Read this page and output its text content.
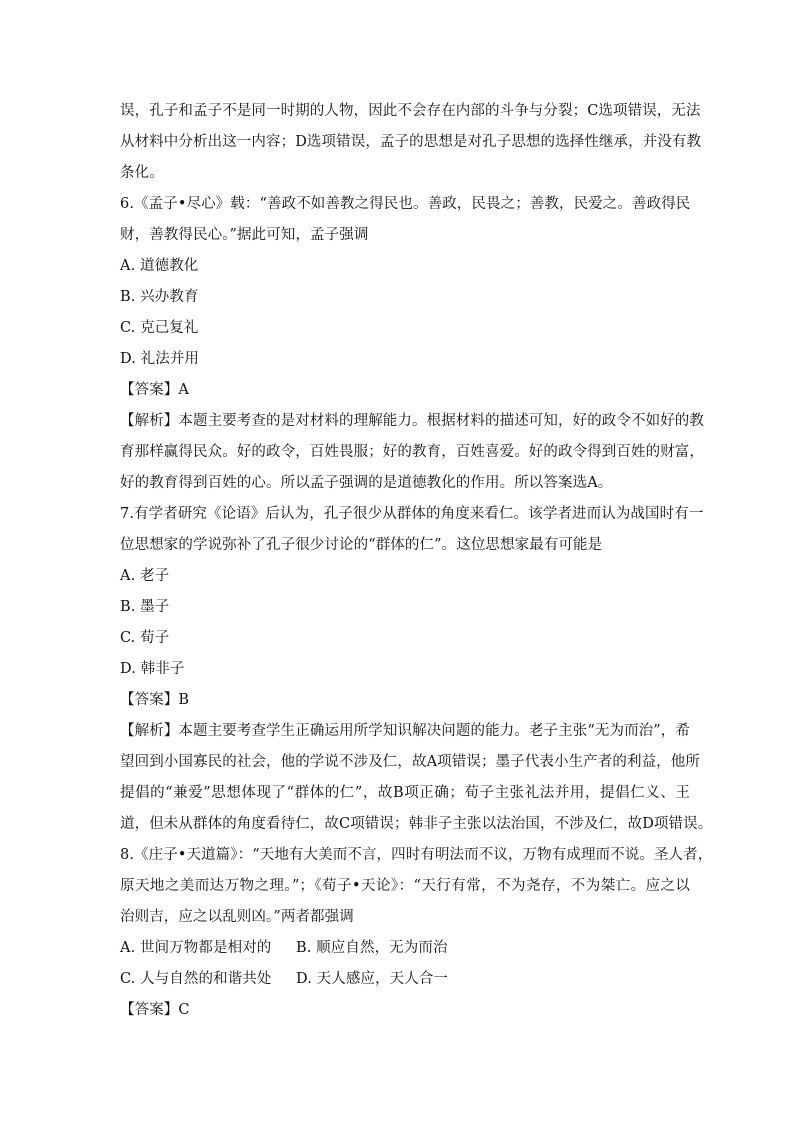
误，孔子和孟子不是同一时期的人物，因此不会存在内部的斗争与分裂；C选项错误，无法
从材料中分析出这一内容；D选项错误，孟子的思想是对孔子思想的选择性继承，并没有教
条化。
6.《孟子•尽心》载：“善政不如善教之得民也。善政，民畏之；善教，民爱之。善政得民
财，善教得民心。”据此可知，孟子强调
A. 道德教化
B. 兴办教育
C. 克己复礼
D. 礼法并用
【答案】A
【解析】本题主要考查的是对材料的理解能力。根据材料的描述可知，好的政令不如好的教
育那样赢得民众。好的政令，百姓畏服；好的教育，百姓喜爱。好的政令得到百姓的财富，
好的教育得到百姓的心。所以孟子强调的是道德教化的作用。所以答案选A。
7.有学者研究《论语》后认为，孔子很少从群体的角度来看仁。该学者进而认为战国时有一
位思想家的学说弥补了孔子很少讨论的“群体的仁”。这位思想家最有可能是
A. 老子
B. 墨子
C. 荀子
D. 韩非子
【答案】B
【解析】本题主要考查学生正确运用所学知识解决问题的能力。老子主张“无为而治”，希
望回到小国寡民的社会，他的学说不涉及仁，故A项错误；墨子代表小生产者的利益，他所
提倡的“兼爱”思想体现了“群体的仁”，故B项正确；荀子主张礼法并用，提倡仁义、王
道，但未从群体的角度看待仁，故C项错误；韩非子主张以法治国，不涉及仁，故D项错误。
8.《庄子•天道篇》：“天地有大美而不言，四时有明法而不议，万物有成理而不说。圣人者，
原天地之美而达万物之理。”；《荀子•天论》：“天行有常，不为尧存，不为桀亡。应之以
治则吉，应之以乱则凶。”两者都强调
A. 世间万物都是相对的 B. 顺应自然，无为而治
C. 人与自然的和谐共处 D. 天人感应，天人合一
【答案】C
